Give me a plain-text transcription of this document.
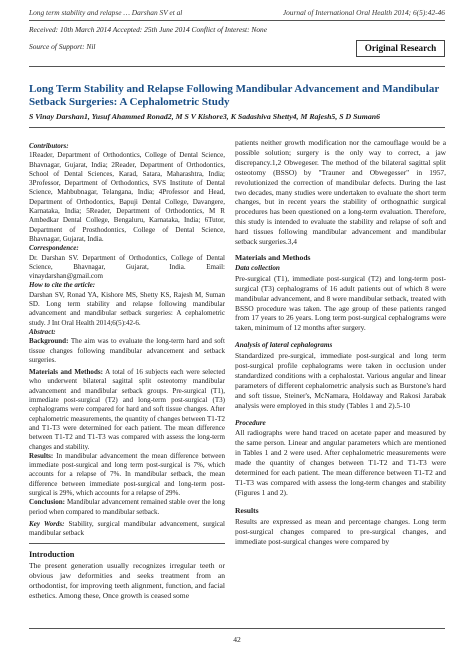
Long term stability and relapse … Darshan SV et al	Journal of International Oral Health 2014; 6(5):42-46
Received: 10th March 2014 Accepted: 25th June 2014 Conflict of Interest: None
Source of Support: Nil	Original Research
Long Term Stability and Relapse Following Mandibular Advancement and Mandibular Setback Surgeries: A Cephalometric Study
S Vinay Darshan1, Yusuf Ahammed Ronad2, M S V Kishore3, K Sadashiva Shetty4, M Rajesh5, S D Suman6

Contributors:

1Reader, Department of Orthodontics, College of Dental Science, Bhavnagar, Gujarat, India; 2Reader, Department of Orthodontics, School of Dental Sciences, Karad, Satara, Maharashtra, India; 3Professor, Department of Orthodontics, SVS Institute of Dental Science, Mahbubnagar, Telangana, India; 4Professor and Head, Department of Orthodontics, Bapuji Dental College, Davangere, Karnataka, India; 5Reader, Department of Orthodontics, M R Ambedkar Dental College, Bengaluru, Karnataka, India; 6Tutor, Department of Prosthodontics, College of Dental Science, Bhavnagar, Gujarat, India.

Correspondence:

Dr. Darshan SV. Department of Orthodontics, College of Dental Science, Bhavnagar, Gujarat, India. Email: vinaydarshan@gmail.com

How to cite the article:

Darshan SV, Ronad YA, Kishore MS, Shetty KS, Rajesh M, Suman SD. Long term stability and relapse following mandibular advancement and mandibular setback surgeries: A cephalometric study. J Int Oral Health 2014;6(5):42-6.

Abstract:

Background: The aim was to evaluate the long-term hard and soft tissue changes following mandibular advancement and setback surgeries.

Materials and Methods: A total of 16 subjects each were selected who underwent bilateral sagittal split osteotomy mandibular advancement and mandibular setback groups. Pre-surgical (T1), immediate post-surgical (T2) and long-term post-surgical (T3) cephalograms were compared for hard and soft tissue changes. After cephalometric measurements, the quantity of changes between T1-T2 and T1-T3 were determined for each patient. The mean difference between T1-T2 and T1-T3 was compared with assess the long-term changes and stability.

Results: In mandibular advancement the mean difference between immediate post-surgical and long term post-surgical is 7%, which accounts for a relapse of 7%. In mandibular setback, the mean difference between immediate post-surgical and long-term post-surgical is 29%, which accounts for a relapse of 29%.

Conclusion: Mandibular advancement remained stable over the long period when compared to mandibular setback.

Key Words: Stability, surgical mandibular advancement, surgical mandibular setback

Introduction

The present generation usually recognizes irregular teeth or obvious jaw deformities and seeks treatment from an orthodontist, for improving teeth alignment, function, and facial esthetics. Among these, Once growth is ceased some

patients neither growth modification nor the camouflage would be a possible solution; surgery is the only way to correct, a jaw discrepancy.1,2 Obwegeser. The method of the bilateral sagittal split osteotomy (BSSO) by "Trauner and Obwegesser" in 1957, revolutionized the correction of mandibular defects. During the last two decades, many studies were undertaken to evaluate the short term changes, but in recent years the stability of orthognathic surgical procedures has been questioned on a long-term evaluation. Therefore, this study is intended to evaluate the stability and relapse of soft and hard tissues following mandibular advancement and mandibular setback surgeries.3,4

Materials and Methods
Data collection

Pre-surgical (T1), immediate post-surgical (T2) and long-term post-surgical (T3) cephalograms of 16 adult patients out of which 8 were mandibular advancement, and 8 were mandibular setback, treated with BSSO procedure was taken. The age group of these patients ranged from 17 years to 26 years. Long term post-surgical cephalograms were taken, minimum of 12 months after surgery.

Analysis of lateral cephalograms

Standardized pre-surgical, immediate post-surgical and long term post-surgical profile cephalograms were taken in occlusion under standardized conditions with a cephalostat. Various angular and linear parameters of different cephalometric analysis such as Burstone's hard and soft tissue, Steiner's, McNamara, Holdaway and Rakosi Jarabak analysis were employed in this study (Tables 1 and 2).5-10

Procedure

All radiographs were hand traced on acetate paper and measured by the same person. Linear and angular parameters which are mentioned in Tables 1 and 2 were used. After cephalometric measurements were made the quantity of changes between T1-T2 and T1-T3 were determined for each patient. The mean difference between T1-T2 and T1-T3 was compared with assess the long-term changes and stability (Figures 1 and 2).

Results

Results are expressed as mean and percentage changes. Long term post-surgical changes compared to pre-surgical changes, and immediate post-surgical changes were compared by

42
